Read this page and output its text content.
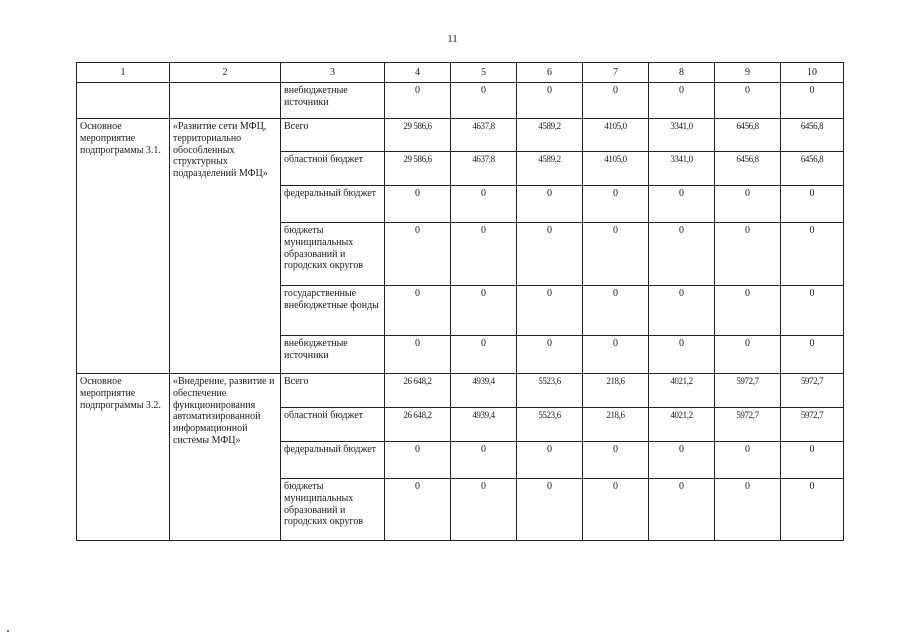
11
1	2	3	4	5	6	7	8	9	10
		внебюджетные источники	0	0	0	0	0	0	0
Основное мероприятие подпрограммы 3.1.	«Развитие сети МФЦ, территориально обособленных структурных подразделений МФЦ»	Всего	29 586,6	4637,8	4589,2	4105,0	3341,0	6456,8	6456,8
		областной бюджет	29 586,6	4637,8	4589,2	4105,0	3341,0	6456,8	6456,8
		федеральный бюджет	0	0	0	0	0	0	0
		бюджеты муниципальных образований и городских округов	0	0	0	0	0	0	0
		государственные внебюджетные фонды	0	0	0	0	0	0	0
		внебюджетные источники	0	0	0	0	0	0	0
Основное мероприятие подпрограммы 3.2.	«Внедрение, развитие и обеспечение функционирования автоматизированной информационной системы МФЦ»	Всего	26 648,2	4939,4	5523,6	218,6	4021,2	5972,7	5972,7
		областной бюджет	26 648,2	4939,4	5523,6	218,6	4021,2	5972,7	5972,7
		федеральный бюджет	0	0	0	0	0	0	0
		бюджеты муниципальных образований и городских округов	0	0	0	0	0	0	0
